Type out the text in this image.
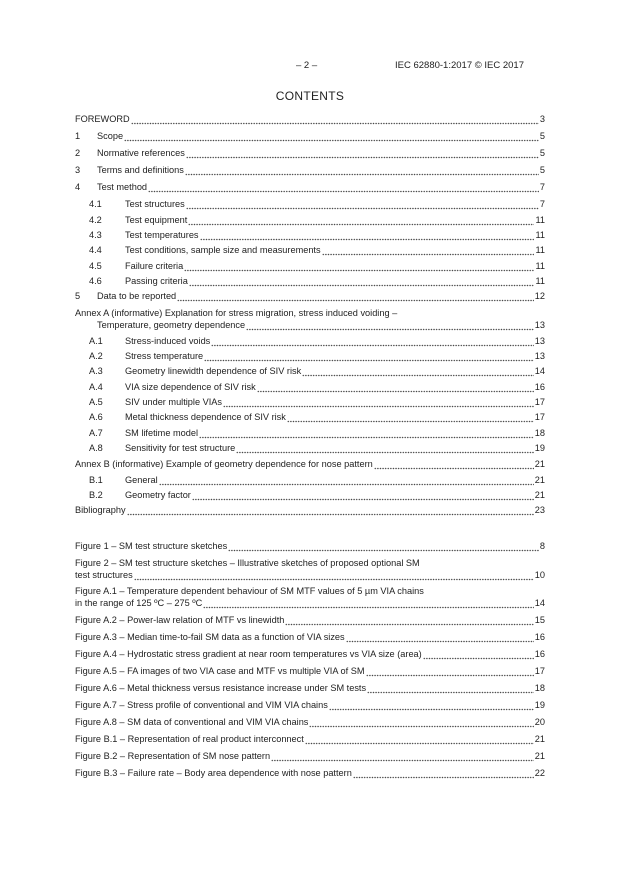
– 2 –	IEC 62880-1:2017 © IEC 2017
CONTENTS
FOREWORD	3
1	Scope	5
2	Normative references	5
3	Terms and definitions	5
4	Test method	7
4.1	Test structures	7
4.2	Test equipment	11
4.3	Test temperatures	11
4.4	Test conditions, sample size and measurements	11
4.5	Failure criteria	11
4.6	Passing criteria	11
5	Data to be reported	12
Annex A (informative) Explanation for stress migration, stress induced voiding –
Temperature, geometry dependence	13
A.1	Stress-induced voids	13
A.2	Stress temperature	13
A.3	Geometry linewidth dependence of SIV risk	14
A.4	VIA size dependence of SIV risk	16
A.5	SIV under multiple VIAs	17
A.6	Metal thickness dependence of SIV risk	17
A.7	SM lifetime model	18
A.8	Sensitivity for test structure	19
Annex B (informative) Example of geometry dependence for nose pattern	21
B.1	General	21
B.2	Geometry factor	21
Bibliography	23
Figure 1 – SM test structure sketches	8
Figure 2 – SM test structure sketches – Illustrative sketches of proposed optional SM
test structures	10
Figure A.1 – Temperature dependent behaviour of SM MTF values of 5 µm VIA chains
in the range of 125 ºC – 275 ºC	14
Figure A.2 – Power-law relation of MTF vs linewidth	15
Figure A.3 – Median time-to-fail SM data as a function of VIA sizes	16
Figure A.4 – Hydrostatic stress gradient at near room temperatures vs VIA size (area)	16
Figure A.5 – FA images of two VIA case and MTF vs multiple VIA of SM	17
Figure A.6 – Metal thickness versus resistance increase under SM tests	18
Figure A.7 – Stress profile of conventional and VIM VIA chains	19
Figure A.8 – SM data of conventional and VIM VIA chains	20
Figure B.1 – Representation of real product interconnect	21
Figure B.2 – Representation of SM nose pattern	21
Figure B.3 – Failure rate – Body area dependence with nose pattern	22
